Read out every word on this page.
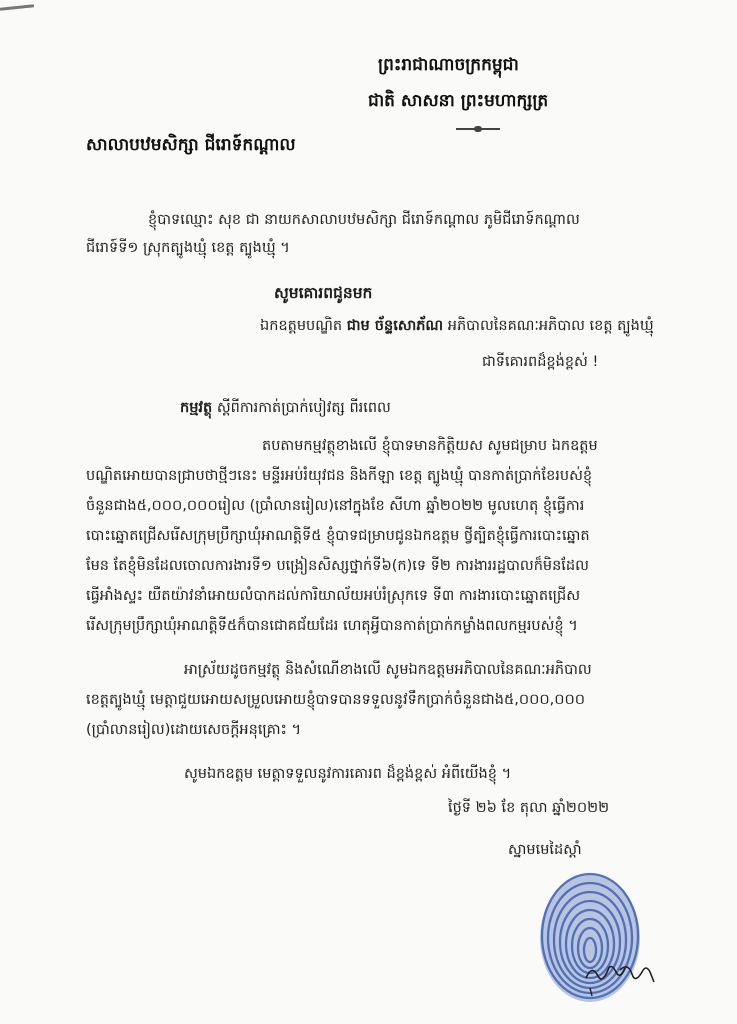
ព្រះរាជាណាចក្រកម្ពុជា
ជាតិ សាសនា ព្រះមហាក្សត្រ
សាលាបឋមសិក្សា ជីរោទ៍កណ្ដាល
ខ្ញុំបាទឈ្មោះ សុខ ជា នាយកសាលាបឋមសិក្សា ជីរោទ៍កណ្ដាល ភូមិជីរោទ៍កណ្ដាល
ជីរោទ៍ទី១ ស្រុកត្បូងឃ្មុំ ខេត្ត ត្បូងឃ្មុំ ។
សូមគោរពជូនមក
ឯកឧត្តមបណ្ឌិត ជាម ច័ន្ទសោភ័ណ អភិបាលនៃគណៈអភិបាល ខេត្ត ត្បូងឃ្មុំ
ជាទីគោរពដ៏ខ្ពង់ខ្ពស់ !
កម្មវត្ថុ ស្ដីពីការកាត់ប្រាក់បៀវត្ស ពីរពេល
តបតាមកម្មវត្ថុខាងលើ ខ្ញុំបាទមានកិត្តិយស សូមជម្រាប ឯកឧត្តម
បណ្ឌិតអោយបានជ្រាបថាថ្មីៗនេះ មន្ទីរអប់រំយុវជន និងកីឡា ខេត្ត ត្បូងឃ្មុំ បានកាត់ប្រាក់ខែរបស់ខ្ញុំ
ចំនួនជាង៥,០០០,០០០រៀល (ប្រាំលានរៀល)នៅក្នុងខែ សីហា ឆ្នាំ២០២២ មូលហេតុ ខ្ញុំធ្វើការ
បោះឆ្នោតជ្រើសរើសក្រុមប្រឹក្សាឃុំអាណត្តិទី៥ ខ្ញុំបាទជម្រាបជូនឯកឧត្តម ថ្វីត្បិតខ្ញុំធ្វើការបោះឆ្នោត
មែន តែខ្ញុំមិនដែលចោលការងារទី១ បង្រៀនសិស្សថ្នាក់ទី៦(ក)ទេ ទី២ ការងាររដ្ឋបាលក៏មិនដែល
ធ្វើអាំងស្ទះ យឺតយ៉ាវនាំអោយលំបាកដល់ការិយាល័យអប់រំស្រុកទេ ទី៣ ការងារបោះឆ្នោតជ្រើស
រើសក្រុមប្រឹក្សាឃុំអាណត្តិទី៥ក៏បានជោគជ័យដែរ ហេតុអ្វីបានកាត់ប្រាក់កម្លាំងពលកម្មរបស់ខ្ញុំ ។
អាស្រ័យដូចកម្មវត្ថុ និងសំណើខាងលើ សូមឯកឧត្តមអភិបាលនៃគណៈអភិបាល
ខេត្តត្បូងឃ្មុំ មេត្តាជួយអោយសម្រួលអោយខ្ញុំបាទបានទទួលនូវទឹកប្រាក់ចំនួនជាង៥,០០០,០០០
(ប្រាំលានរៀល)ដោយសេចក្ដីអនុគ្រោះ ។
សូមឯកឧត្តម មេត្តាទទួលនូវការគោរព ដ៏ខ្ពង់ខ្ពស់ អំពីយើងខ្ញុំ ។
ថ្ងៃទី ២៦ ខែ តុលា ឆ្នាំ២០២២
ស្នាមមេដៃស្ដាំ
